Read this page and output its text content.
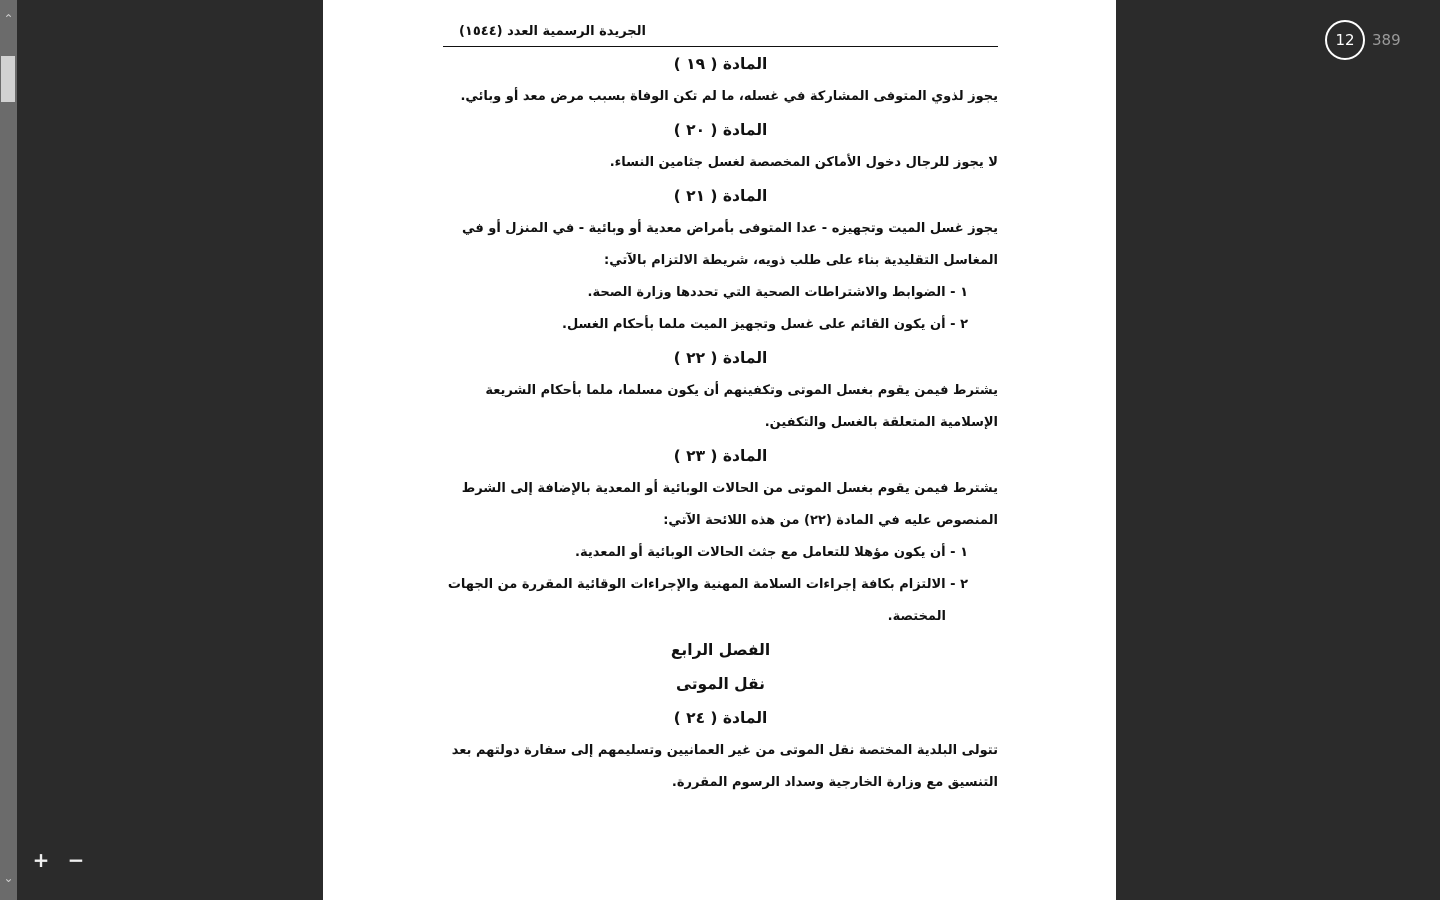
⌃
⌄
+ −
الجريدة الرسمية العدد (١٥٤٤)
المادة ( ١٩ )
يجوز لذوي المتوفى المشاركة في غسله، ما لم تكن الوفاة بسبب مرض معد أو وبائي.
المادة ( ٢٠ )
لا يجوز للرجال دخول الأماكن المخصصة لغسل جثامين النساء.
المادة ( ٢١ )
يجوز غسل الميت وتجهيزه - عدا المتوفى بأمراض معدية أو وبائية - في المنزل أو في
المغاسل التقليدية بناء على طلب ذويه، شريطة الالتزام بالآتي:
١ - الضوابط والاشتراطات الصحية التي تحددها وزارة الصحة.
٢ - أن يكون القائم على غسل وتجهيز الميت ملما بأحكام الغسل.
المادة ( ٢٢ )
يشترط فيمن يقوم بغسل الموتى وتكفينهم أن يكون مسلما، ملما بأحكام الشريعة
الإسلامية المتعلقة بالغسل والتكفين.
المادة ( ٢٣ )
يشترط فيمن يقوم بغسل الموتى من الحالات الوبائية أو المعدية بالإضافة إلى الشرط
المنصوص عليه في المادة (٢٢) من هذه اللائحة الآتي:
١ - أن يكون مؤهلا للتعامل مع جثث الحالات الوبائية أو المعدية.
٢ - الالتزام بكافة إجراءات السلامة المهنية والإجراءات الوقائية المقررة من الجهات
المختصة.
الفصل الرابع
نقل الموتى
المادة ( ٢٤ )
تتولى البلدية المختصة نقل الموتى من غير العمانيين وتسليمهم إلى سفارة دولتهم بعد
التنسيق مع وزارة الخارجية وسداد الرسوم المقررة.
12	389
